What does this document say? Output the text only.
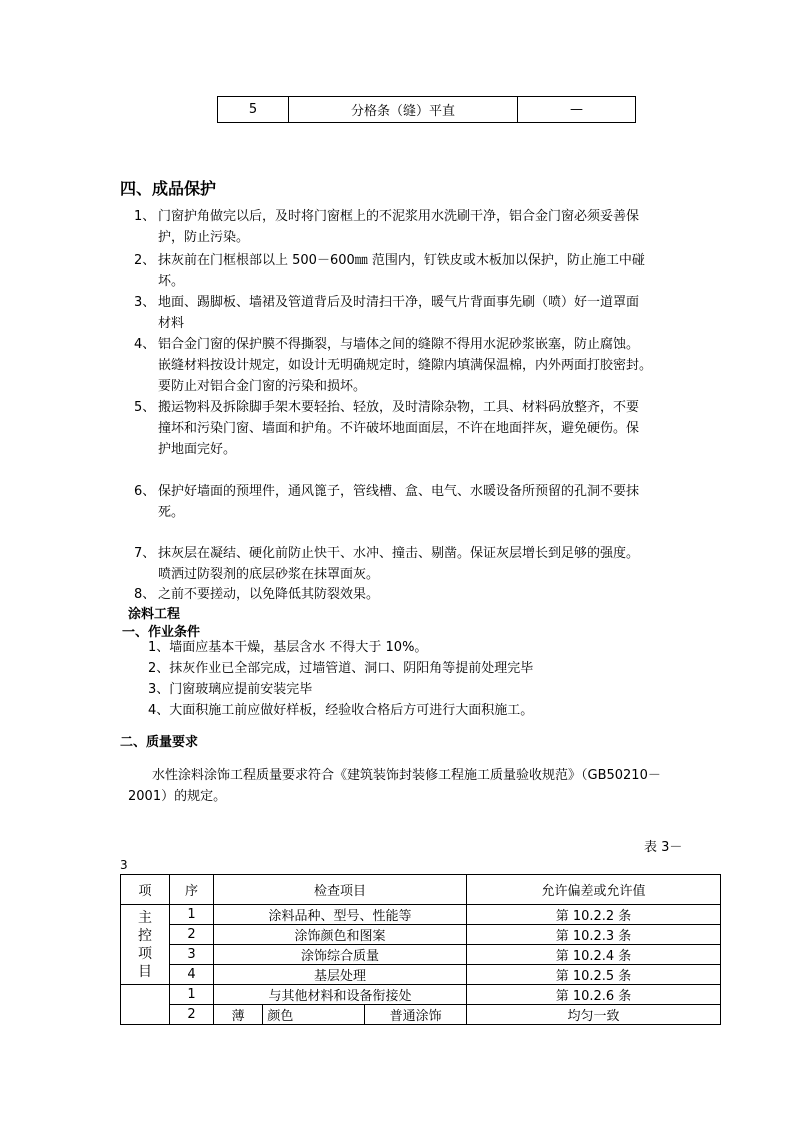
5	分格条（缝）平直	—
四、成品保护
1、 门窗护角做完以后，及时将门窗框上的不泥浆用水洗刷干净，铝合金门窗必须妥善保
护，防止污染。
2、 抹灰前在门框根部以上 500－600㎜ 范围内，钉铁皮或木板加以保护，防止施工中碰
坏。
3、 地面、踢脚板、墙裙及管道背后及时清扫干净，暖气片背面事先刷（喷）好一道罩面
材料
4、 铝合金门窗的保护膜不得撕裂，与墙体之间的缝隙不得用水泥砂浆嵌塞，防止腐蚀。
嵌缝材料按设计规定，如设计无明确规定时，缝隙内填满保温棉，内外两面打胶密封。
要防止对铝合金门窗的污染和损坏。
5、 搬运物料及拆除脚手架木要轻抬、轻放，及时清除杂物，工具、材料码放整齐，不要
撞坏和污染门窗、墙面和护角。不许破坏地面面层，不许在地面拌灰，避免硬伤。保
护地面完好。
6、 保护好墙面的预埋件，通风篦子，管线槽、盒、电气、水暖设备所预留的孔洞不要抹
死。
7、 抹灰层在凝结、硬化前防止快干、水冲、撞击、剔凿。保证灰层增长到足够的强度。
喷洒过防裂剂的底层砂浆在抹罩面灰。
8、 之前不要搓动，以免降低其防裂效果。
涂料工程
一、作业条件
1、墙面应基本干燥，基层含水 不得大于 10%。
2、抹灰作业已全部完成，过墙管道、洞口、阴阳角等提前处理完毕
3、门窗玻璃应提前安装完毕
4、大面积施工前应做好样板，经验收合格后方可进行大面积施工。
二、质量要求
水性涂料涂饰工程质量要求符合《建筑装饰封装修工程施工质量验收规范》（GB50210－
2001）的规定。
表 3－
3
项	序	检查项目			允许偏差或允许值

主
控
项
目	1	涂料品种、型号、性能等			第 10.2.2 条
	2	涂饰颜色和图案			第 10.2.3 条
	3	涂饰综合质量			第 10.2.4 条
	4	基层处理			第 10.2.5 条
	1	与其他材料和设备衔接处			第 10.2.6 条
	2	薄	颜色	普通涂饰	均匀一致
